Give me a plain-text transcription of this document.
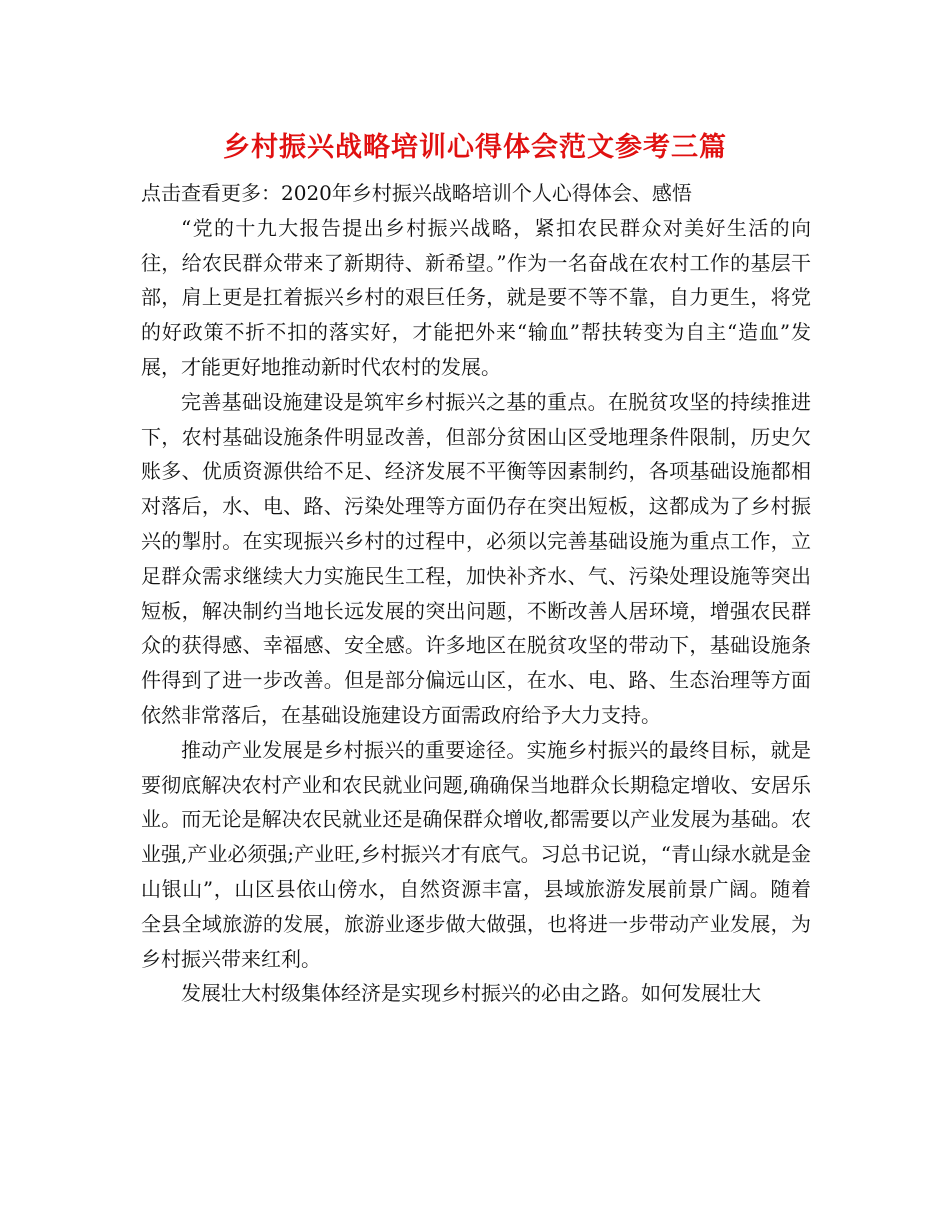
乡村振兴战略培训心得体会范文参考三篇

点击查看更多：2020年乡村振兴战略培训个人心得体会、感悟

“党的十九大报告提出乡村振兴战略，紧扣农民群众对美好生活的向往，给农民群众带来了新期待、新希望。”作为一名奋战在农村工作的基层干部，肩上更是扛着振兴乡村的艰巨任务，就是要不等不靠，自力更生，将党的好政策不折不扣的落实好，才能把外来“输血”帮扶转变为自主“造血”发展，才能更好地推动新时代农村的发展。

完善基础设施建设是筑牢乡村振兴之基的重点。在脱贫攻坚的持续推进下，农村基础设施条件明显改善，但部分贫困山区受地理条件限制，历史欠账多、优质资源供给不足、经济发展不平衡等因素制约，各项基础设施都相对落后，水、电、路、污染处理等方面仍存在突出短板，这都成为了乡村振兴的掣肘。在实现振兴乡村的过程中，必须以完善基础设施为重点工作，立足群众需求继续大力实施民生工程，加快补齐水、气、污染处理设施等突出短板，解决制约当地长远发展的突出问题，不断改善人居环境，增强农民群众的获得感、幸福感、安全感。许多地区在脱贫攻坚的带动下，基础设施条件得到了进一步改善。但是部分偏远山区，在水、电、路、生态治理等方面依然非常落后，在基础设施建设方面需政府给予大力支持。

推动产业发展是乡村振兴的重要途径。实施乡村振兴的最终目标，就是要彻底解决农村产业和农民就业问题,确确保当地群众长期稳定增收、安居乐业。而无论是解决农民就业还是确保群众增收,都需要以产业发展为基础。农业强,产业必须强;产业旺,乡村振兴才有底气。习总书记说，“青山绿水就是金山银山”，山区县依山傍水，自然资源丰富，县域旅游发展前景广阔。随着全县全域旅游的发展，旅游业逐步做大做强，也将进一步带动产业发展，为乡村振兴带来红利。

发展壮大村级集体经济是实现乡村振兴的必由之路。如何发展壮大
